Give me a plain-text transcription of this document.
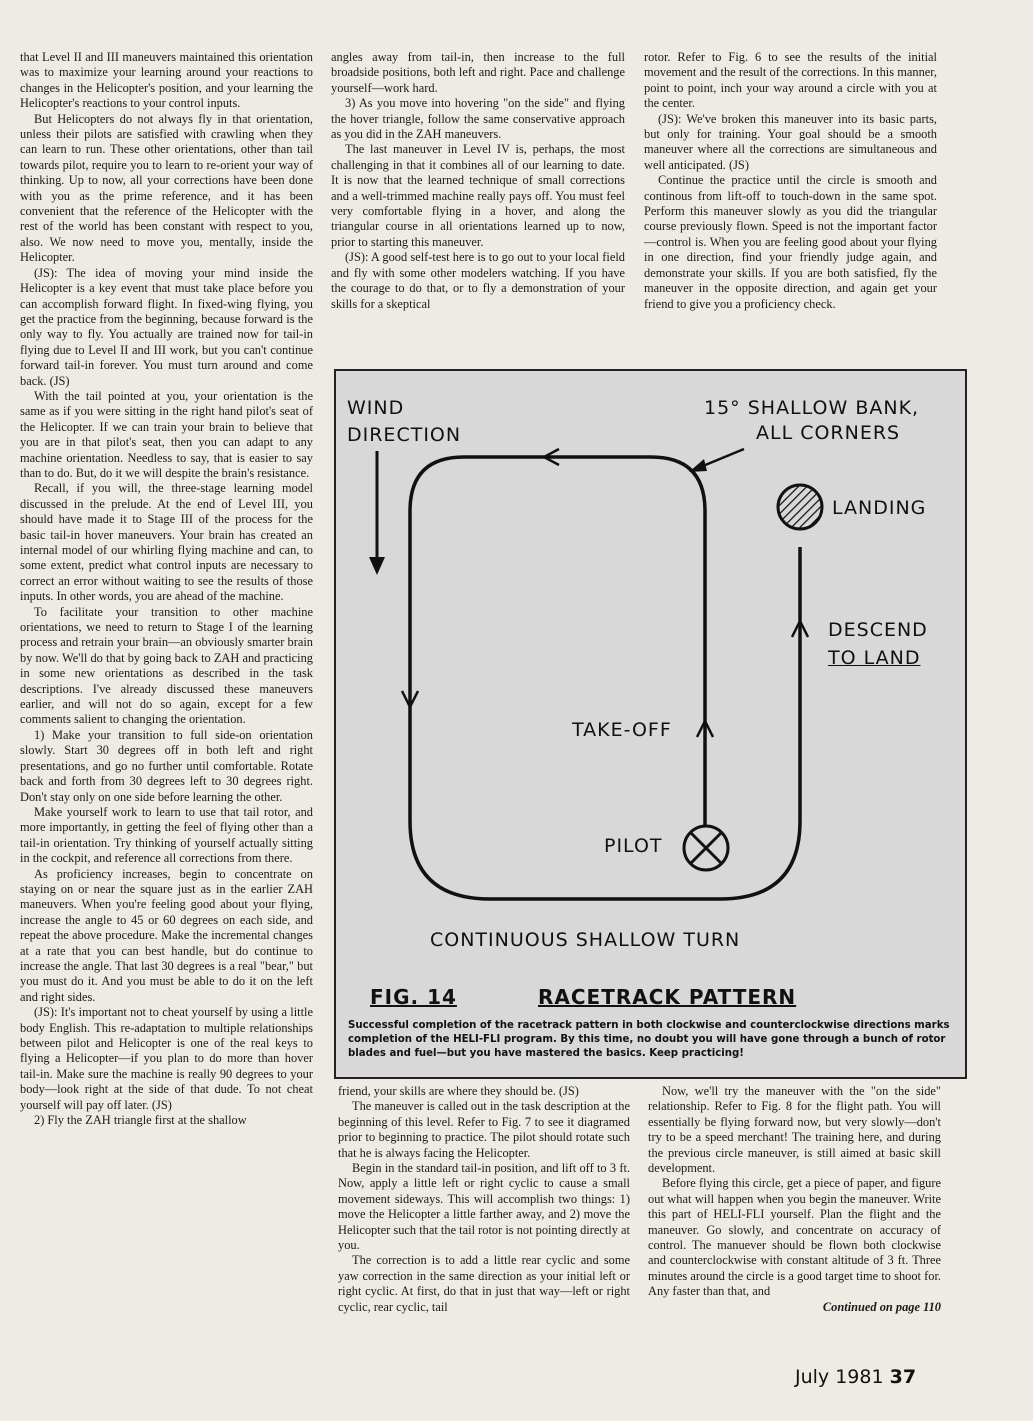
that Level II and III maneuvers maintained this orientation was to maximize your learning around your reactions to changes in the Helicopter's position, and your learning the Helicopter's reactions to your control inputs.

But Helicopters do not always fly in that orientation, unless their pilots are satisfied with crawling when they can learn to run. These other orientations, other than tail towards pilot, require you to learn to re-orient your way of thinking. Up to now, all your corrections have been done with you as the prime reference, and it has been convenient that the reference of the Helicopter with the rest of the world has been constant with respect to you, also. We now need to move you, mentally, inside the Helicopter.

(JS): The idea of moving your mind inside the Helicopter is a key event that must take place before you can accomplish forward flight. In fixed-wing flying, you get the practice from the beginning, because forward is the only way to fly. You actually are trained now for tail-in flying due to Level II and III work, but you can't continue forward tail-in forever. You must turn around and come back. (JS)

With the tail pointed at you, your orientation is the same as if you were sitting in the right hand pilot's seat of the Helicopter. If we can train your brain to believe that you are in that pilot's seat, then you can adapt to any machine orientation. Needless to say, that is easier to say than to do. But, do it we will despite the brain's resistance.

Recall, if you will, the three-stage learning model discussed in the prelude. At the end of Level III, you should have made it to Stage III of the process for the basic tail-in hover maneuvers. Your brain has created an internal model of our whirling flying machine and can, to some extent, predict what control inputs are necessary to correct an error without waiting to see the results of those inputs. In other words, you are ahead of the machine.

To facilitate your transition to other machine orientations, we need to return to Stage I of the learning process and retrain your brain—an obviously smarter brain by now. We'll do that by going back to ZAH and practicing in some new orientations as described in the task descriptions. I've already discussed these maneuvers earlier, and will not do so again, except for a few comments salient to changing the orientation.

1) Make your transition to full side-on orientation slowly. Start 30 degrees off in both left and right presentations, and go no further until comfortable. Rotate back and forth from 30 degrees left to 30 degrees right. Don't stay only on one side before learning the other.

Make yourself work to learn to use that tail rotor, and more importantly, in getting the feel of flying other than a tail-in orientation. Try thinking of yourself actually sitting in the cockpit, and reference all corrections from there.

As proficiency increases, begin to concentrate on staying on or near the square just as in the earlier ZAH maneuvers. When you're feeling good about your flying, increase the angle to 45 or 60 degrees on each side, and repeat the above procedure. Make the incremental changes at a rate that you can best handle, but do continue to increase the angle. That last 30 degrees is a real "bear," but you must do it. And you must be able to do it on the left and right sides.

(JS): It's important not to cheat yourself by using a little body English. This re-adaptation to multiple relationships between pilot and Helicopter is one of the real keys to flying a Helicopter—if you plan to do more than hover tail-in. Make sure the machine is really 90 degrees to your body—look right at the side of that dude. To not cheat yourself will pay off later. (JS)

2) Fly the ZAH triangle first at the shallow

angles away from tail-in, then increase to the full broadside positions, both left and right. Pace and challenge yourself—work hard.

3) As you move into hovering "on the side" and flying the hover triangle, follow the same conservative approach as you did in the ZAH maneuvers.

The last maneuver in Level IV is, perhaps, the most challenging in that it combines all of our learning to date. It is now that the learned technique of small corrections and a well-trimmed machine really pays off. You must feel very comfortable flying in a hover, and along the triangular course in all orientations learned up to now, prior to starting this maneuver.

(JS): A good self-test here is to go out to your local field and fly with some other modelers watching. If you have the courage to do that, or to fly a demonstration of your skills for a skeptical

rotor. Refer to Fig. 6 to see the results of the initial movement and the result of the corrections. In this manner, point to point, inch your way around a circle with you at the center.

(JS): We've broken this maneuver into its basic parts, but only for training. Your goal should be a smooth maneuver where all the corrections are simultaneous and well anticipated. (JS)

Continue the practice until the circle is smooth and continous from lift-off to touch-down in the same spot. Perform this maneuver slowly as you did the triangular course previously flown. Speed is not the important factor—control is. When you are feeling good about your flying in one direction, find your friendly judge again, and demonstrate your skills. If you are both satisfied, fly the maneuver in the opposite direction, and again get your friend to give you a proficiency check.

WIND
DIRECTION
15° SHALLOW BANK,
ALL CORNERS
LANDING
DESCEND
TO LAND
TAKE-OFF
PILOT
CONTINUOUS SHALLOW TURN
FIG. 14	RACETRACK PATTERN
Successful completion of the racetrack pattern in both clockwise and counterclockwise directions marks completion of the HELI-FLI program. By this time, no doubt you will have gone through a bunch of rotor blades and fuel—but you have mastered the basics. Keep practicing!

friend, your skills are where they should be. (JS)

The maneuver is called out in the task description at the beginning of this level. Refer to Fig. 7 to see it diagramed prior to beginning to practice. The pilot should rotate such that he is always facing the Helicopter.

Begin in the standard tail-in position, and lift off to 3 ft. Now, apply a little left or right cyclic to cause a small movement sideways. This will accomplish two things: 1) move the Helicopter a little farther away, and 2) move the Helicopter such that the tail rotor is not pointing directly at you.

The correction is to add a little rear cyclic and some yaw correction in the same direction as your initial left or right cyclic. At first, do that in just that way—left or right cyclic, rear cyclic, tail

Now, we'll try the maneuver with the "on the side" relationship. Refer to Fig. 8 for the flight path. You will essentially be flying forward now, but very slowly—don't try to be a speed merchant! The training here, and during the previous circle maneuver, is still aimed at basic skill development.

Before flying this circle, get a piece of paper, and figure out what will happen when you begin the maneuver. Write this part of HELI-FLI yourself. Plan the flight and the maneuver. Go slowly, and concentrate on accuracy of control. The manuever should be flown both clockwise and counterclockwise with constant altitude of 3 ft. Three minutes around the circle is a good target time to shoot for. Any faster than that, and

Continued on page 110

July 1981 37
